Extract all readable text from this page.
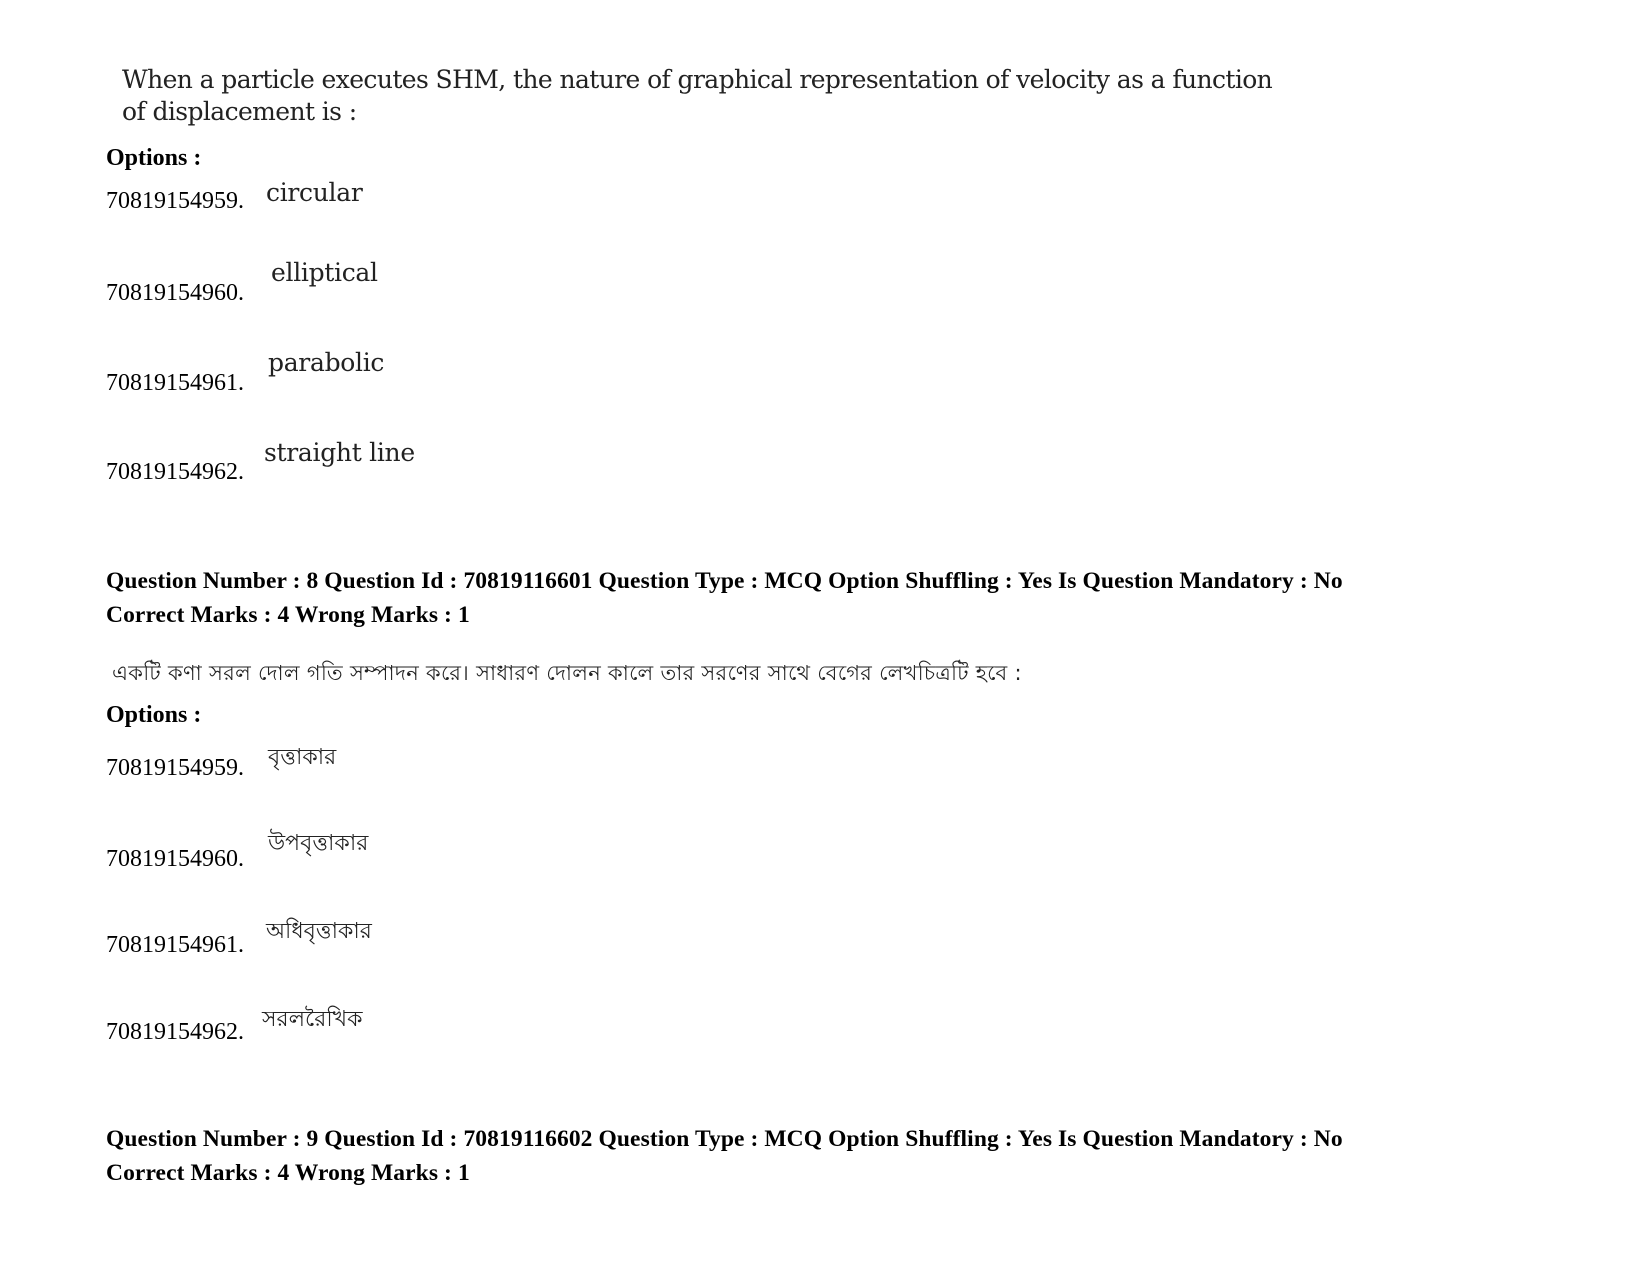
When a particle executes SHM, the nature of graphical representation of velocity as a function
of displacement is :
Options :
70819154959. circular
70819154960.
elliptical
70819154961.
parabolic
70819154962.
straight line
Question Number : 8 Question Id : 70819116601 Question Type : MCQ Option Shuffling : Yes Is Question Mandatory : No
Correct Marks : 4 Wrong Marks : 1
একটি কণা সরল দোল গতি সম্পাদন করে। সাধারণ দোলন কালে তার সরণের সাথে বেগের লেখচিত্রটি হবে :
Options :
70819154959. বৃত্তাকার
70819154960.
উপবৃত্তাকার
70819154961.
অধিবৃত্তাকার
70819154962. সরলরৈখিক
Question Number : 9 Question Id : 70819116602 Question Type : MCQ Option Shuffling : Yes Is Question Mandatory : No
Correct Marks : 4 Wrong Marks : 1
